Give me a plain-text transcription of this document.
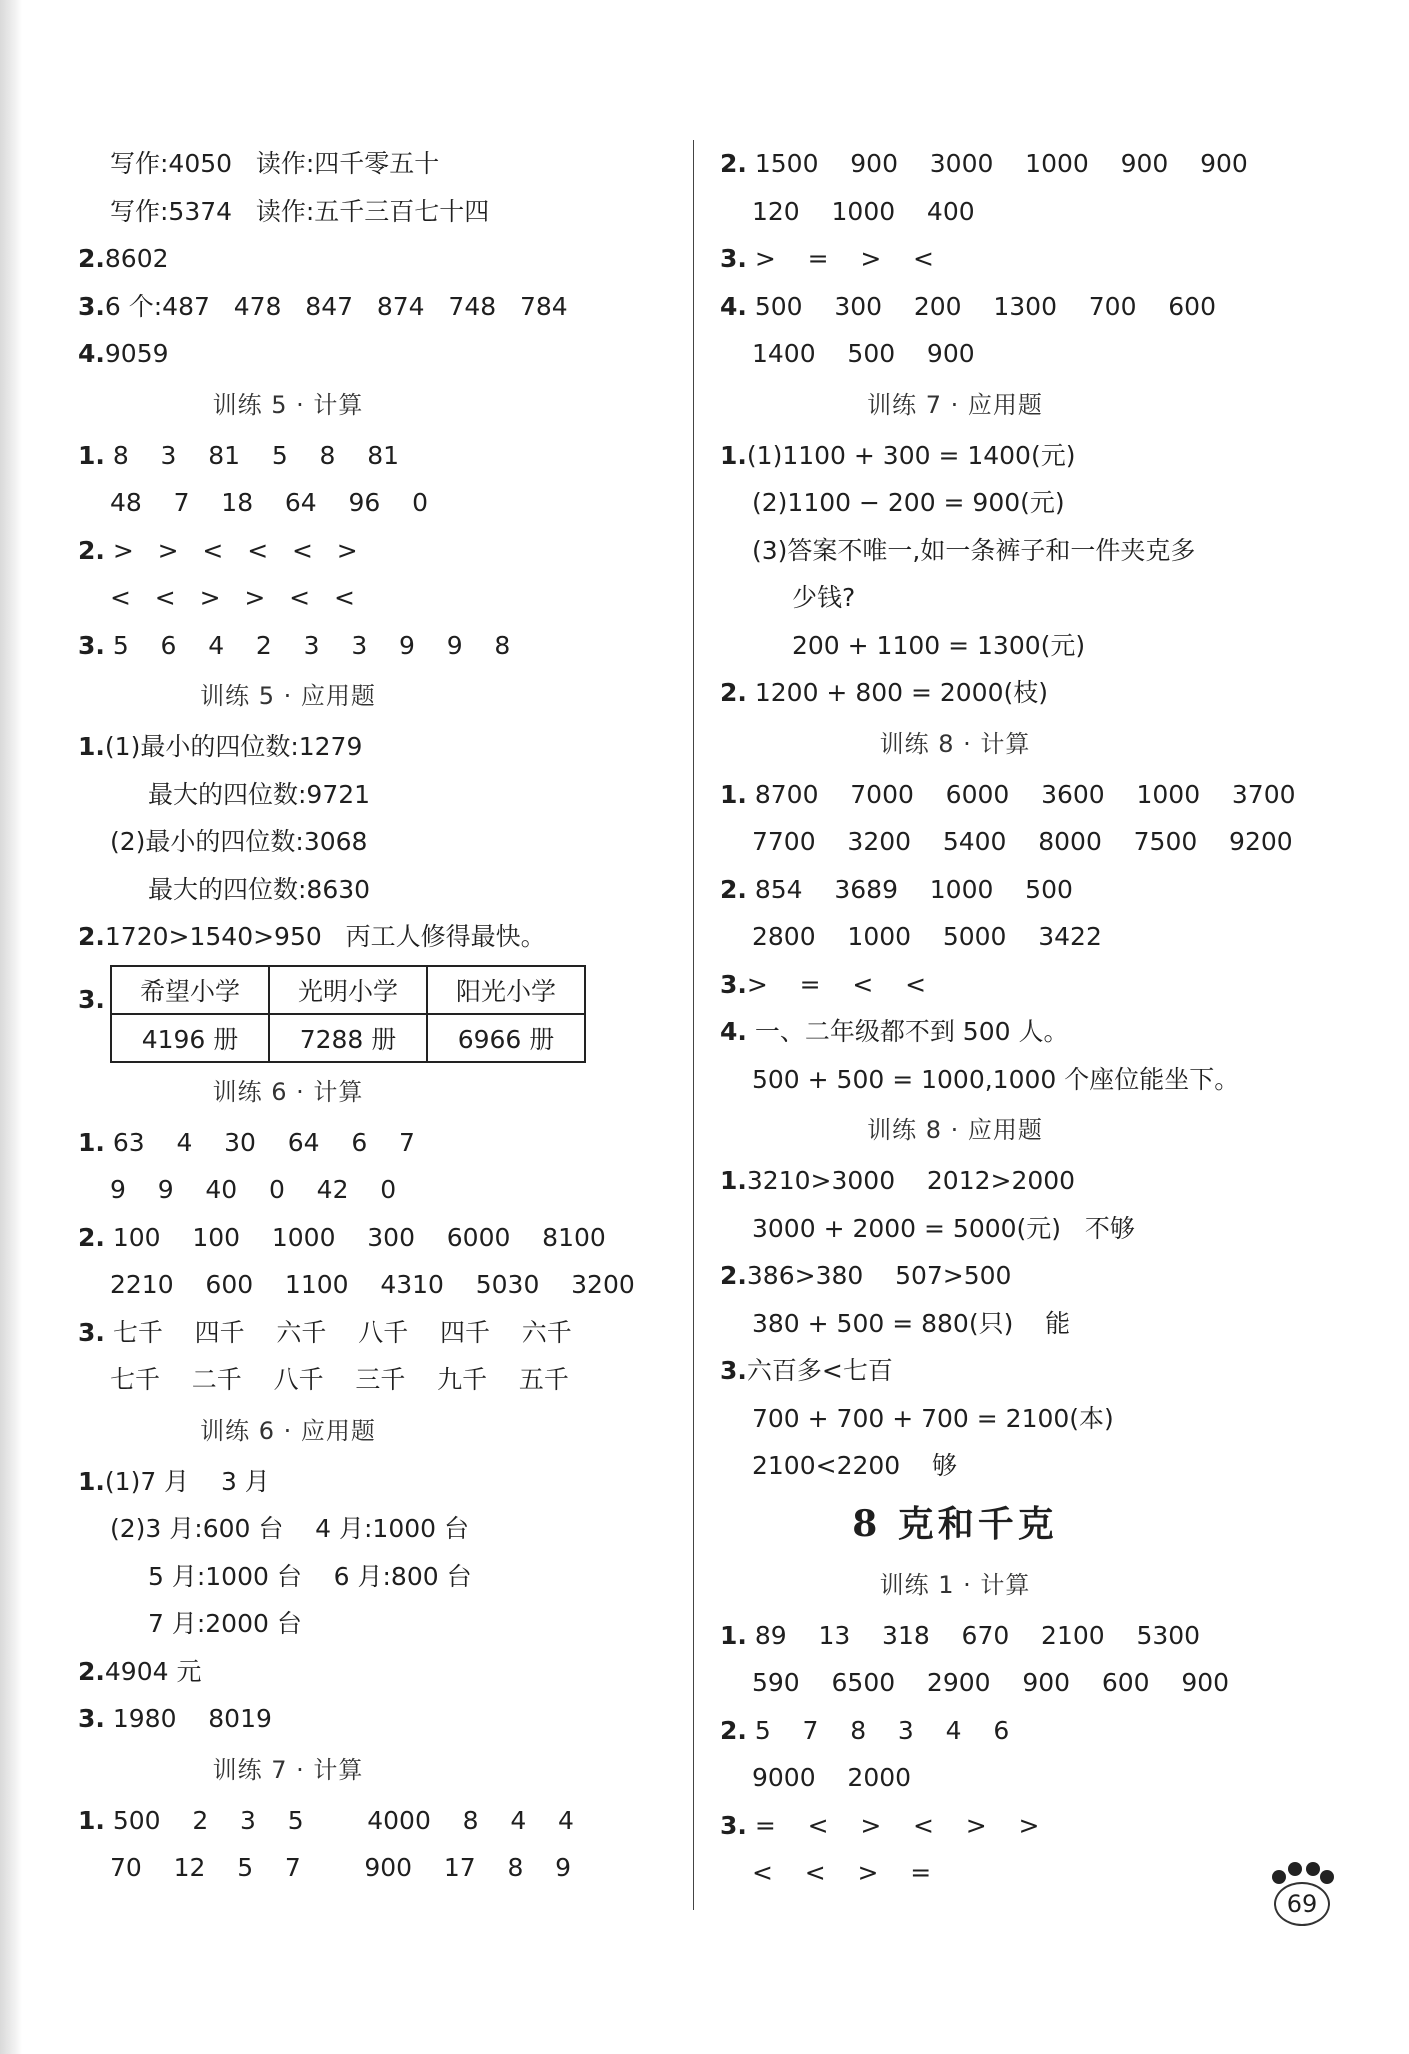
写作:4050   读作:四千零五十
写作:5374   读作:五千三百七十四
2.8602
3.6 个:487   478   847   874   748   784
4.9059
训练 5 · 计算
1. 8    3    81    5    8    81
48    7    18    64    96    0
2. >   >   <   <   <   >
<   <   >   >   <   <
3. 5    6    4    2    3    3    9    9    8
训练 5 · 应用题
1.(1)最小的四位数:1279
最大的四位数:9721
(2)最小的四位数:3068
最大的四位数:8630
2.1720>1540>950   丙工人修得最快。
3. 希望小学	光明小学	阳光小学
4196 册	7288 册	6966 册
训练 6 · 计算
1. 63    4    30    64    6    7
9    9    40    0    42    0
2. 100    100    1000    300    6000    8100
2210    600    1100    4310    5030    3200
3. 七千    四千    六千    八千    四千    六千
七千    二千    八千    三千    九千    五千
训练 6 · 应用题
1.(1)7 月    3 月
(2)3 月:600 台    4 月:1000 台
5 月:1000 台    6 月:800 台
7 月:2000 台
2.4904 元
3. 1980    8019
训练 7 · 计算
1. 500    2    3    5        4000    8    4    4
70    12    5    7        900    17    8    9
2. 1500    900    3000    1000    900    900
120    1000    400
3. >    =    >    <
4. 500    300    200    1300    700    600
1400    500    900
训练 7 · 应用题
1.(1)1100 + 300 = 1400(元)
(2)1100 − 200 = 900(元)
(3)答案不唯一,如一条裤子和一件夹克多
少钱?
200 + 1100 = 1300(元)
2. 1200 + 800 = 2000(枝)
训练 8 · 计算
1. 8700    7000    6000    3600    1000    3700
7700    3200    5400    8000    7500    9200
2. 854    3689    1000    500
2800    1000    5000    3422
3.>    =    <    <
4. 一、二年级都不到 500 人。
500 + 500 = 1000,1000 个座位能坐下。
训练 8 · 应用题
1.3210>3000    2012>2000
3000 + 2000 = 5000(元)   不够
2.386>380    507>500
380 + 500 = 880(只)    能
3.六百多<七百
700 + 700 + 700 = 2100(本)
2100<2200    够
8 克和千克
训练 1 · 计算
1. 89    13    318    670    2100    5300
590    6500    2900    900    600    900
2. 5    7    8    3    4    6
9000    2000
3. =    <    >    <    >    >
<    <    >    =
69
